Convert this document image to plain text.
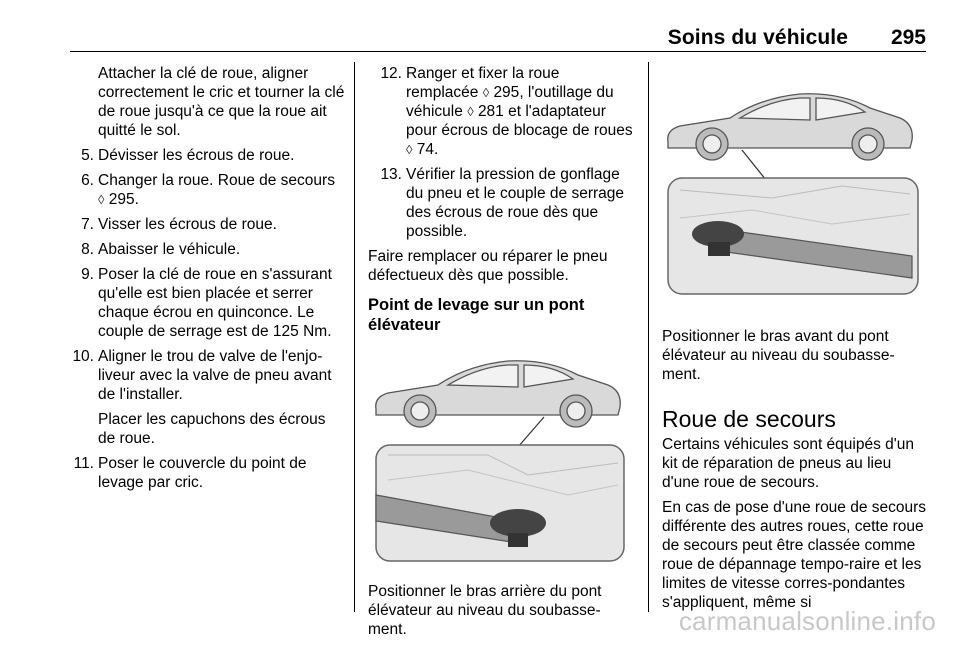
Soins du véhicule 295
Attacher la clé de roue, aligner correctement le cric et tourner la clé de roue jusqu'à ce que la roue ait quitté le sol.
5. Dévisser les écrous de roue.
6. Changer la roue. Roue de secours ◊ 295.
7. Visser les écrous de roue.
8. Abaisser le véhicule.
9. Poser la clé de roue en s'assurant qu'elle est bien placée et serrer chaque écrou en quinconce. Le couple de serrage est de 125 Nm.
10. Aligner le trou de valve de l'enjo-liveur avec la valve de pneu avant de l'installer.
Placer les capuchons des écrous de roue.
11. Poser le couvercle du point de levage par cric.
12. Ranger et fixer la roue remplacée ◊ 295, l'outillage du véhicule ◊ 281 et l'adaptateur pour écrous de blocage de roues ◊ 74.
13. Vérifier la pression de gonflage du pneu et le couple de serrage des écrous de roue dès que possible.
Faire remplacer ou réparer le pneu défectueux dès que possible.
Point de levage sur un pont élévateur
Positionner le bras arrière du pont élévateur au niveau du soubasse-ment.
Positionner le bras avant du pont élévateur au niveau du soubasse-ment.
Roue de secours
Certains véhicules sont équipés d'un kit de réparation de pneus au lieu d'une roue de secours.
En cas de pose d'une roue de secours différente des autres roues, cette roue de secours peut être classée comme roue de dépannage tempo-raire et les limites de vitesse corres-pondantes s'appliquent, même si
carmanualsonline.info
